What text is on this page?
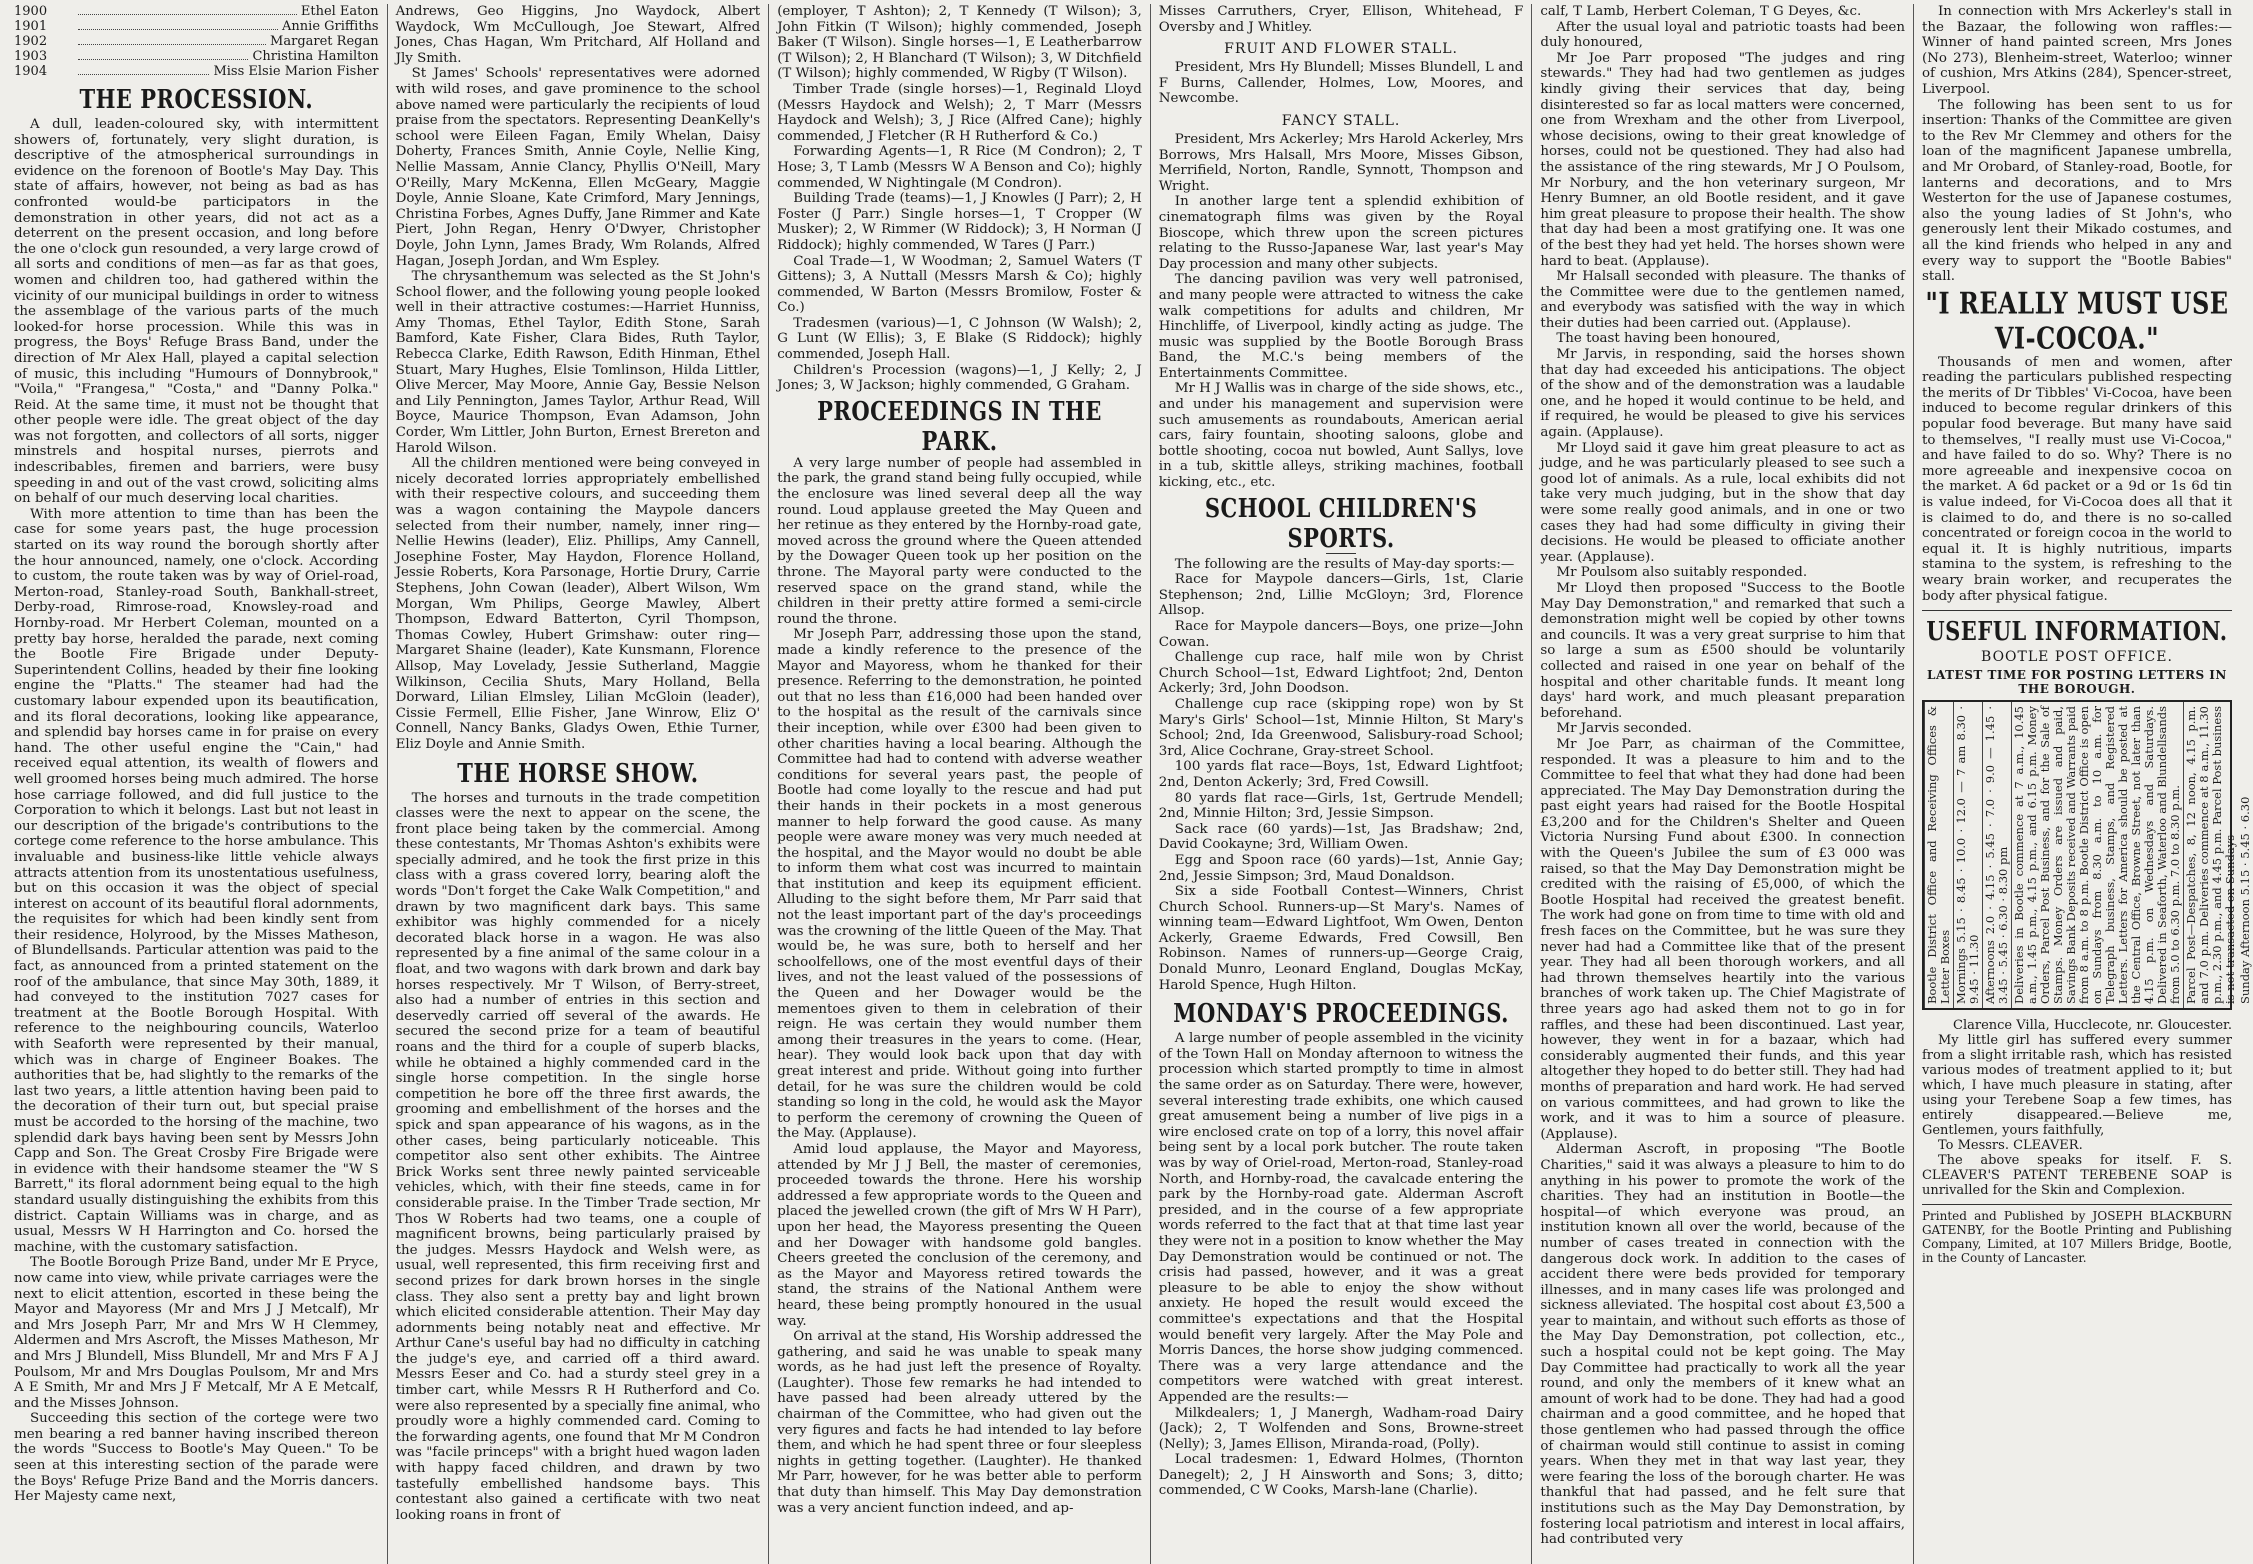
1900	Ethel Eaton
1901	Annie Griffiths
1902	Margaret Regan
1903	Christina Hamilton
1904	Miss Elsie Marion Fisher
THE PROCESSION.

A dull, leaden-coloured sky, with intermittent showers of, fortunately, very slight duration, is descriptive of the atmospherical surroundings in evidence on the forenoon of Bootle's May Day. This state of affairs, however, not being as bad as has confronted would-be participators in the demonstration in other years, did not act as a deterrent on the present occasion, and long before the one o'clock gun resounded, a very large crowd of all sorts and conditions of men—as far as that goes, women and children too, had gathered within the vicinity of our municipal buildings in order to witness the assemblage of the various parts of the much looked-for horse procession. While this was in progress, the Boys' Refuge Brass Band, under the direction of Mr Alex Hall, played a capital selection of music, this including "Humours of Donnybrook," "Voila," "Frangesa," "Costa," and "Danny Polka." Reid. At the same time, it must not be thought that other people were idle. The great object of the day was not forgotten, and collectors of all sorts, nigger minstrels and hospital nurses, pierrots and indescribables, firemen and barriers, were busy speeding in and out of the vast crowd, soliciting alms on behalf of our much deserving local charities.

With more attention to time than has been the case for some years past, the huge procession started on its way round the borough shortly after the hour announced, namely, one o'clock. According to custom, the route taken was by way of Oriel-road, Merton-road, Stanley-road South, Bankhall-street, Derby-road, Rimrose-road, Knowsley-road and Hornby-road. Mr Herbert Coleman, mounted on a pretty bay horse, heralded the parade, next coming the Bootle Fire Brigade under Deputy-Superintendent Collins, headed by their fine looking engine the "Platts." The steamer had had the customary labour expended upon its beautification, and its floral decorations, looking like appearance, and splendid bay horses came in for praise on every hand. The other useful engine the "Cain," had received equal attention, its wealth of flowers and well groomed horses being much admired. The horse hose carriage followed, and did full justice to the Corporation to which it belongs. Last but not least in our description of the brigade's contributions to the cortege come reference to the horse ambulance. This invaluable and business-like little vehicle always attracts attention from its unostentatious usefulness, but on this occasion it was the object of special interest on account of its beautiful floral adornments, the requisites for which had been kindly sent from their residence, Holyrood, by the Misses Matheson, of Blundellsands. Particular attention was paid to the fact, as announced from a printed statement on the roof of the ambulance, that since May 30th, 1889, it had conveyed to the institution 7027 cases for treatment at the Bootle Borough Hospital. With reference to the neighbouring councils, Waterloo with Seaforth were represented by their manual, which was in charge of Engineer Boakes. The authorities that be, had slightly to the remarks of the last two years, a little attention having been paid to the decoration of their turn out, but special praise must be accorded to the horsing of the machine, two splendid dark bays having been sent by Messrs John Capp and Son. The Great Crosby Fire Brigade were in evidence with their handsome steamer the "W S Barrett," its floral adornment being equal to the high standard usually distinguishing the exhibits from this district. Captain Williams was in charge, and as usual, Messrs W H Harrington and Co. horsed the machine, with the customary satisfaction.

The Bootle Borough Prize Band, under Mr E Pryce, now came into view, while private carriages were the next to elicit attention, escorted in these being the Mayor and Mayoress (Mr and Mrs J J Metcalf), Mr and Mrs Joseph Parr, Mr and Mrs W H Clemmey, Aldermen and Mrs Ascroft, the Misses Matheson, Mr and Mrs J Blundell, Miss Blundell, Mr and Mrs F A J Poulsom, Mr and Mrs Douglas Poulsom, Mr and Mrs A E Smith, Mr and Mrs J F Metcalf, Mr A E Metcalf, and the Misses Johnson.

Succeeding this section of the cortege were two men bearing a red banner having inscribed thereon the words "Success to Bootle's May Queen." To be seen at this interesting section of the parade were the Boys' Refuge Prize Band and the Morris dancers. Her Majesty came next,

Andrews, Geo Higgins, Jno Waydock, Albert Waydock, Wm McCullough, Joe Stewart, Alfred Jones, Chas Hagan, Wm Pritchard, Alf Holland and Jly Smith.

St James' Schools' representatives were adorned with wild roses, and gave prominence to the school above named were particularly the recipients of loud praise from the spectators. Representing DeanKelly's school were Eileen Fagan, Emily Whelan, Daisy Doherty, Frances Smith, Annie Coyle, Nellie King, Nellie Massam, Annie Clancy, Phyllis O'Neill, Mary O'Reilly, Mary McKenna, Ellen McGeary, Maggie Doyle, Annie Sloane, Kate Crimford, Mary Jennings, Christina Forbes, Agnes Duffy, Jane Rimmer and Kate Piert, John Regan, Henry O'Dwyer, Christopher Doyle, John Lynn, James Brady, Wm Rolands, Alfred Hagan, Joseph Jordan, and Wm Espley.

The chrysanthemum was selected as the St John's School flower, and the following young people looked well in their attractive costumes:—Harriet Hunniss, Amy Thomas, Ethel Taylor, Edith Stone, Sarah Bamford, Kate Fisher, Clara Bides, Ruth Taylor, Rebecca Clarke, Edith Rawson, Edith Hinman, Ethel Stuart, Mary Hughes, Elsie Tomlinson, Hilda Littler, Olive Mercer, May Moore, Annie Gay, Bessie Nelson and Lily Pennington, James Taylor, Arthur Read, Will Boyce, Maurice Thompson, Evan Adamson, John Corder, Wm Littler, John Burton, Ernest Brereton and Harold Wilson.

All the children mentioned were being conveyed in nicely decorated lorries appropriately embellished with their respective colours, and succeeding them was a wagon containing the Maypole dancers selected from their number, namely, inner ring—Nellie Hewins (leader), Eliz. Phillips, Amy Cannell, Josephine Foster, May Haydon, Florence Holland, Jessie Roberts, Kora Parsonage, Hortie Drury, Carrie Stephens, John Cowan (leader), Albert Wilson, Wm Morgan, Wm Philips, George Mawley, Albert Thompson, Edward Batterton, Cyril Thompson, Thomas Cowley, Hubert Grimshaw: outer ring—Margaret Shaine (leader), Kate Kunsmann, Florence Allsop, May Lovelady, Jessie Sutherland, Maggie Wilkinson, Cecilia Shuts, Mary Holland, Bella Dorward, Lilian Elmsley, Lilian McGloin (leader), Cissie Fermell, Ellie Fisher, Jane Winrow, Eliz O' Connell, Nancy Banks, Gladys Owen, Ethie Turner, Eliz Doyle and Annie Smith.

THE HORSE SHOW.

The horses and turnouts in the trade competition classes were the next to appear on the scene, the front place being taken by the commercial. Among these contestants, Mr Thomas Ashton's exhibits were specially admired, and he took the first prize in this class with a grass covered lorry, bearing aloft the words "Don't forget the Cake Walk Competition," and drawn by two magnificent dark bays. This same exhibitor was highly commended for a nicely decorated black horse in a wagon. He was also represented by a fine animal of the same colour in a float, and two wagons with dark brown and dark bay horses respectively. Mr T Wilson, of Berry-street, also had a number of entries in this section and deservedly carried off several of the awards. He secured the second prize for a team of beautiful roans and the third for a couple of superb blacks, while he obtained a highly commended card in the single horse competition. In the single horse competition he bore off the three first awards, the grooming and embellishment of the horses and the spick and span appearance of his wagons, as in the other cases, being particularly noticeable. This competitor also sent other exhibits. The Aintree Brick Works sent three newly painted serviceable vehicles, which, with their fine steeds, came in for considerable praise. In the Timber Trade section, Mr Thos W Roberts had two teams, one a couple of magnificent browns, being particularly praised by the judges. Messrs Haydock and Welsh were, as usual, well represented, this firm receiving first and second prizes for dark brown horses in the single class. They also sent a pretty bay and light brown which elicited considerable attention. Their May day adornments being notably neat and effective. Mr Arthur Cane's useful bay had no difficulty in catching the judge's eye, and carried off a third award. Messrs Eeser and Co. had a sturdy steel grey in a timber cart, while Messrs R H Rutherford and Co. were also represented by a specially fine animal, who proudly wore a highly commended card. Coming to the forwarding agents, one found that Mr M Condron was "facile princeps" with a bright hued wagon laden with happy faced children, and drawn by two tastefully embellished handsome bays. This contestant also gained a certificate with two neat looking roans in front of

(employer, T Ashton); 2, T Kennedy (T Wilson); 3, John Fitkin (T Wilson); highly commended, Joseph Baker (T Wilson). Single horses—1, E Leatherbarrow (T Wilson); 2, H Blanchard (T Wilson); 3, W Ditchfield (T Wilson); highly commended, W Rigby (T Wilson).

Timber Trade (single horses)—1, Reginald Lloyd (Messrs Haydock and Welsh); 2, T Marr (Messrs Haydock and Welsh); 3, J Rice (Alfred Cane); highly commended, J Fletcher (R H Rutherford & Co.)

Forwarding Agents—1, R Rice (M Condron); 2, T Hose; 3, T Lamb (Messrs W A Benson and Co); highly commended, W Nightingale (M Condron).

Building Trade (teams)—1, J Knowles (J Parr); 2, H Foster (J Parr.) Single horses—1, T Cropper (W Musker); 2, W Rimmer (W Riddock); 3, H Norman (J Riddock); highly commended, W Tares (J Parr.)

Coal Trade—1, W Woodman; 2, Samuel Waters (T Gittens); 3, A Nuttall (Messrs Marsh & Co); highly commended, W Barton (Messrs Bromilow, Foster & Co.)

Tradesmen (various)—1, C Johnson (W Walsh); 2, G Lunt (W Ellis); 3, E Blake (S Riddock); highly commended, Joseph Hall.

Children's Procession (wagons)—1, J Kelly; 2, J Jones; 3, W Jackson; highly commended, G Graham.

PROCEEDINGS IN THE PARK.

A very large number of people had assembled in the park, the grand stand being fully occupied, while the enclosure was lined several deep all the way round. Loud applause greeted the May Queen and her retinue as they entered by the Hornby-road gate, moved across the ground where the Queen attended by the Dowager Queen took up her position on the throne. The Mayoral party were conducted to the reserved space on the grand stand, while the children in their pretty attire formed a semi-circle round the throne.

Mr Joseph Parr, addressing those upon the stand, made a kindly reference to the presence of the Mayor and Mayoress, whom he thanked for their presence. Referring to the demonstration, he pointed out that no less than £16,000 had been handed over to the hospital as the result of the carnivals since their inception, while over £300 had been given to other charities having a local bearing. Although the Committee had had to contend with adverse weather conditions for several years past, the people of Bootle had come loyally to the rescue and had put their hands in their pockets in a most generous manner to help forward the good cause. As many people were aware money was very much needed at the hospital, and the Mayor would no doubt be able to inform them what cost was incurred to maintain that institution and keep its equipment efficient. Alluding to the sight before them, Mr Parr said that not the least important part of the day's proceedings was the crowning of the little Queen of the May. That would be, he was sure, both to herself and her schoolfellows, one of the most eventful days of their lives, and not the least valued of the possessions of the Queen and her Dowager would be the mementoes given to them in celebration of their reign. He was certain they would number them among their treasures in the years to come. (Hear, hear). They would look back upon that day with great interest and pride. Without going into further detail, for he was sure the children would be cold standing so long in the cold, he would ask the Mayor to perform the ceremony of crowning the Queen of the May. (Applause).

Amid loud applause, the Mayor and Mayoress, attended by Mr J J Bell, the master of ceremonies, proceeded towards the throne. Here his worship addressed a few appropriate words to the Queen and placed the jewelled crown (the gift of Mrs W H Parr), upon her head, the Mayoress presenting the Queen and her Dowager with handsome gold bangles. Cheers greeted the conclusion of the ceremony, and as the Mayor and Mayoress retired towards the stand, the strains of the National Anthem were heard, these being promptly honoured in the usual way.

On arrival at the stand, His Worship addressed the gathering, and said he was unable to speak many words, as he had just left the presence of Royalty. (Laughter). Those few remarks he had intended to have passed had been already uttered by the chairman of the Committee, who had given out the very figures and facts he had intended to lay before them, and which he had spent three or four sleepless nights in getting together. (Laughter). He thanked Mr Parr, however, for he was better able to perform that duty than himself. This May Day demonstration was a very ancient function indeed, and ap-

Misses Carruthers, Cryer, Ellison, Whitehead, F Oversby and J Whitley.

FRUIT AND FLOWER STALL.

President, Mrs Hy Blundell; Misses Blundell, L and F Burns, Callender, Holmes, Low, Moores, and Newcombe.

FANCY STALL.

President, Mrs Ackerley; Mrs Harold Ackerley, Mrs Borrows, Mrs Halsall, Mrs Moore, Misses Gibson, Merrifield, Norton, Randle, Synnott, Thompson and Wright.

In another large tent a splendid exhibition of cinematograph films was given by the Royal Bioscope, which threw upon the screen pictures relating to the Russo-Japanese War, last year's May Day procession and many other subjects.

The dancing pavilion was very well patronised, and many people were attracted to witness the cake walk competitions for adults and children, Mr Hinchliffe, of Liverpool, kindly acting as judge. The music was supplied by the Bootle Borough Brass Band, the M.C.'s being members of the Entertainments Committee.

Mr H J Wallis was in charge of the side shows, etc., and under his management and supervision were such amusements as roundabouts, American aerial cars, fairy fountain, shooting saloons, globe and bottle shooting, cocoa nut bowled, Aunt Sallys, love in a tub, skittle alleys, striking machines, football kicking, etc., etc.

SCHOOL CHILDREN'S SPORTS.

The following are the results of May-day sports:—

Race for Maypole dancers—Girls, 1st, Clarie Stephenson; 2nd, Lillie McGloyn; 3rd, Florence Allsop.

Race for Maypole dancers—Boys, one prize—John Cowan.

Challenge cup race, half mile won by Christ Church School—1st, Edward Lightfoot; 2nd, Denton Ackerly; 3rd, John Doodson.

Challenge cup race (skipping rope) won by St Mary's Girls' School—1st, Minnie Hilton, St Mary's School; 2nd, Ida Greenwood, Salisbury-road School; 3rd, Alice Cochrane, Gray-street School.

100 yards flat race—Boys, 1st, Edward Lightfoot; 2nd, Denton Ackerly; 3rd, Fred Cowsill.

80 yards flat race—Girls, 1st, Gertrude Mendell; 2nd, Minnie Hilton; 3rd, Jessie Simpson.

Sack race (60 yards)—1st, Jas Bradshaw; 2nd, David Cookayne; 3rd, William Owen.

Egg and Spoon race (60 yards)—1st, Annie Gay; 2nd, Jessie Simpson; 3rd, Maud Donaldson.

Six a side Football Contest—Winners, Christ Church School. Runners-up—St Mary's. Names of winning team—Edward Lightfoot, Wm Owen, Denton Ackerly, Graeme Edwards, Fred Cowsill, Ben Robinson. Names of runners-up—George Craig, Donald Munro, Leonard England, Douglas McKay, Harold Spence, Hugh Hilton.

MONDAY'S PROCEEDINGS.

A large number of people assembled in the vicinity of the Town Hall on Monday afternoon to witness the procession which started promptly to time in almost the same order as on Saturday. There were, however, several interesting trade exhibits, one which caused great amusement being a number of live pigs in a wire enclosed crate on top of a lorry, this novel affair being sent by a local pork butcher. The route taken was by way of Oriel-road, Merton-road, Stanley-road North, and Hornby-road, the cavalcade entering the park by the Hornby-road gate. Alderman Ascroft presided, and in the course of a few appropriate words referred to the fact that at that time last year they were not in a position to know whether the May Day Demonstration would be continued or not. The crisis had passed, however, and it was a great pleasure to be able to enjoy the show without anxiety. He hoped the result would exceed the committee's expectations and that the Hospital would benefit very largely. After the May Pole and Morris Dances, the horse show judging commenced. There was a very large attendance and the competitors were watched with great interest. Appended are the results:—

Milkdealers; 1, J Manergh, Wadham-road Dairy (Jack); 2, T Wolfenden and Sons, Browne-street (Nelly); 3, James Ellison, Miranda-road, (Polly).

Local tradesmen: 1, Edward Holmes, (Thornton Danegelt); 2, J H Ainsworth and Sons; 3, ditto; commended, C W Cooks, Marsh-lane (Charlie).

calf, T Lamb, Herbert Coleman, T G Deyes, &c.

After the usual loyal and patriotic toasts had been duly honoured,

Mr Joe Parr proposed "The judges and ring stewards." They had had two gentlemen as judges kindly giving their services that day, being disinterested so far as local matters were concerned, one from Wrexham and the other from Liverpool, whose decisions, owing to their great knowledge of horses, could not be questioned. They had also had the assistance of the ring stewards, Mr J O Poulsom, Mr Norbury, and the hon veterinary surgeon, Mr Henry Bumner, an old Bootle resident, and it gave him great pleasure to propose their health. The show that day had been a most gratifying one. It was one of the best they had yet held. The horses shown were hard to beat. (Applause).

Mr Halsall seconded with pleasure. The thanks of the Committee were due to the gentlemen named, and everybody was satisfied with the way in which their duties had been carried out. (Applause).

The toast having been honoured,

Mr Jarvis, in responding, said the horses shown that day had exceeded his anticipations. The object of the show and of the demonstration was a laudable one, and he hoped it would continue to be held, and if required, he would be pleased to give his services again. (Applause).

Mr Lloyd said it gave him great pleasure to act as judge, and he was particularly pleased to see such a good lot of animals. As a rule, local exhibits did not take very much judging, but in the show that day were some really good animals, and in one or two cases they had had some difficulty in giving their decisions. He would be pleased to officiate another year. (Applause).

Mr Poulsom also suitably responded.

Mr Lloyd then proposed "Success to the Bootle May Day Demonstration," and remarked that such a demonstration might well be copied by other towns and councils. It was a very great surprise to him that so large a sum as £500 should be voluntarily collected and raised in one year on behalf of the hospital and other charitable funds. It meant long days' hard work, and much pleasant preparation beforehand.

Mr Jarvis seconded.

Mr Joe Parr, as chairman of the Committee, responded. It was a pleasure to him and to the Committee to feel that what they had done had been appreciated. The May Day Demonstration during the past eight years had raised for the Bootle Hospital £3,200 and for the Children's Shelter and Queen Victoria Nursing Fund about £300. In connection with the Queen's Jubilee the sum of £3 000 was raised, so that the May Day Demonstration might be credited with the raising of £5,000, of which the Bootle Hospital had received the greatest benefit. The work had gone on from time to time with old and fresh faces on the Committee, but he was sure they never had had a Committee like that of the present year. They had all been thorough workers, and all had thrown themselves heartily into the various branches of work taken up. The Chief Magistrate of three years ago had asked them not to go in for raffles, and these had been discontinued. Last year, however, they went in for a bazaar, which had considerably augmented their funds, and this year altogether they hoped to do better still. They had had months of preparation and hard work. He had served on various committees, and had grown to like the work, and it was to him a source of pleasure. (Applause).

Alderman Ascroft, in proposing "The Bootle Charities," said it was always a pleasure to him to do anything in his power to promote the work of the charities. They had an institution in Bootle—the hospital—of which everyone was proud, an institution known all over the world, because of the number of cases treated in connection with the dangerous dock work. In addition to the cases of accident there were beds provided for temporary illnesses, and in many cases life was prolonged and sickness alleviated. The hospital cost about £3,500 a year to maintain, and without such efforts as those of the May Day Demonstration, pot collection, etc., such a hospital could not be kept going. The May Day Committee had practically to work all the year round, and only the members of it knew what an amount of work had to be done. They had had a good chairman and a good committee, and he hoped that those gentlemen who had passed through the office of chairman would still continue to assist in coming years. When they met in that way last year, they were fearing the loss of the borough charter. He was thankful that had passed, and he felt sure that institutions such as the May Day Demonstration, by fostering local patriotism and interest in local affairs, had contributed very

In connection with Mrs Ackerley's stall in the Bazaar, the following won raffles:—Winner of hand painted screen, Mrs Jones (No 273), Blenheim-street, Waterloo; winner of cushion, Mrs Atkins (284), Spencer-street, Liverpool.

The following has been sent to us for insertion: Thanks of the Committee are given to the Rev Mr Clemmey and others for the loan of the magnificent Japanese umbrella, and Mr Orobard, of Stanley-road, Bootle, for lanterns and decorations, and to Mrs Westerton for the use of Japanese costumes, also the young ladies of St John's, who generously lent their Mikado costumes, and all the kind friends who helped in any and every way to support the "Bootle Babies" stall.

"I REALLY MUST USE VI-COCOA."

Thousands of men and women, after reading the particulars published respecting the merits of Dr Tibbles' Vi-Cocoa, have been induced to become regular drinkers of this popular food beverage. But many have said to themselves, "I really must use Vi-Cocoa," and have failed to do so. Why? There is no more agreeable and inexpensive cocoa on the market. A 6d packet or a 9d or 1s 6d tin is value indeed, for Vi-Cocoa does all that it is claimed to do, and there is no so-called concentrated or foreign cocoa in the world to equal it. It is highly nutritious, imparts stamina to the system, is refreshing to the weary brain worker, and recuperates the body after physical fatigue.

USEFUL INFORMATION.
BOOTLE POST OFFICE.
LATEST TIME FOR POSTING LETTERS IN THE BOROUGH.
Bootle District Office and Receiving Offices & Letter Boxes Mornings 5.15 · 8.45 · 10.0 · 12.0 — 7 am 8.30 · 9.45 · 11.30 Afternoons 2.0 · 4.15 · 5.45 · 7.0 · 9.0 — 1.45 · 3.45 · 5.45 · 6.30 · 8.30 pm Deliveries in Bootle commence at 7 a.m., 10.45 a.m., 1.45 p.m., 4.15 p.m., and 6.15 p.m. Money Orders, Parcel Post Business, and for the Sale of Stamps. Money Orders are issued and paid, Savings Bank Deposits received and Warrants paid from 8 a.m. to 8 p.m. Bootle District Office is open on Sundays from 8.30 a.m. to 10 a.m. for Telegraph business, Stamps, and Registered Letters. Letters for America should be posted at the Central Office, Browne Street, not later than 4.15 p.m. on Wednesdays and Saturdays. Delivered in Seaforth, Waterloo and Blundellsands from 5.0 to 6.30 p.m. 7.0 to 8.30 p.m. Parcel Post—Despatches, 8, 12 noon, 4.15 p.m. and 7.0 p.m. Deliveries commence at 8 a.m., 11.30 p.m., 2.30 p.m., and 4.45 p.m. Parcel Post business is not transacted on Sundays Sunday Afternoon 5.15 · 5.45 · 6.30

Clarence Villa, Hucclecote, nr. Gloucester.

My little girl has suffered every summer from a slight irritable rash, which has resisted various modes of treatment applied to it; but which, I have much pleasure in stating, after using your Terebene Soap a few times, has entirely disappeared.—Believe me, Gentlemen, yours faithfully,

To Messrs. CLEAVER.

The above speaks for itself. F. S. CLEAVER'S PATENT TEREBENE SOAP is unrivalled for the Skin and Complexion.

Printed and Published by JOSEPH BLACKBURN GATENBY, for the Bootle Printing and Publishing Company, Limited, at 107 Millers Bridge, Bootle, in the County of Lancaster.
